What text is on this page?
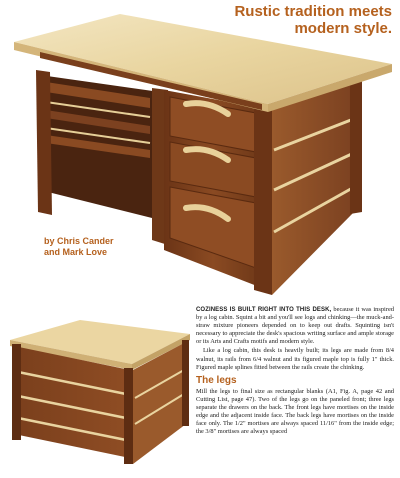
Rustic tradition meets
modern style.
by Chris Cander
and Mark Love

COZINESS IS BUILT RIGHT INTO THIS DESK, because it was inspired by a log cabin. Squint a bit and you'll see logs and chinking—the muck-and-straw mixture pioneers depended on to keep out drafts. Squinting isn't necessary to appreciate the desk's spacious writing surface and ample storage or its Arts and Crafts motifs and modern style.

Like a log cabin, this desk is heavily built; its legs are made from 8/4 walnut, its rails from 6/4 walnut and its figured maple top is fully 1" thick. Figured maple splines fitted between the rails create the chinking.

The legs

Mill the legs to final size as rectangular blanks (A1, Fig. A, page 42 and Cutting List, page 47). Two of the legs go on the paneled front; three legs separate the drawers on the back. The front legs have mortises on the inside edge and the adjacent inside face. The back legs have mortises on the inside face only. The 1/2" mortises are always spaced 11/16" from the inside edge; the 3/8" mortises are always spaced
